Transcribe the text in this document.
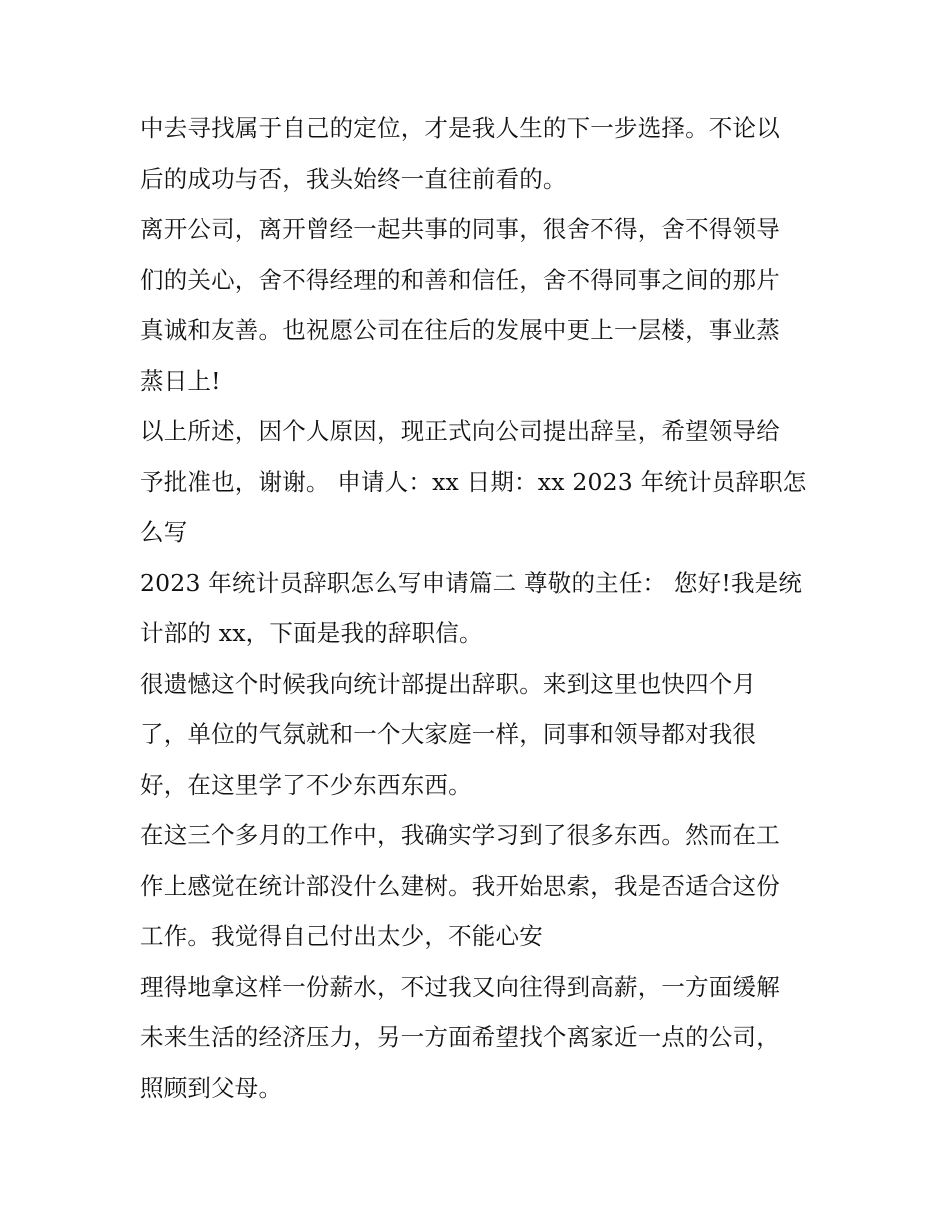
中去寻找属于自己的定位，才是我人生的下一步选择。不论以
后的成功与否，我头始终一直往前看的。

离开公司，离开曾经一起共事的同事，很舍不得，舍不得领导
们的关心，舍不得经理的和善和信任，舍不得同事之间的那片
真诚和友善。也祝愿公司在往后的发展中更上一层楼，事业蒸
蒸日上!

以上所述，因个人原因，现正式向公司提出辞呈，希望领导给
予批准也，谢谢。 申请人：xx 日期：xx 2023 年统计员辞职怎
么写

2023 年统计员辞职怎么写申请篇二 尊敬的主任： 您好!我是统
计部的 xx，下面是我的辞职信。

很遗憾这个时候我向统计部提出辞职。来到这里也快四个月
了，单位的气氛就和一个大家庭一样，同事和领导都对我很
好，在这里学了不少东西东西。

在这三个多月的工作中，我确实学习到了很多东西。然而在工
作上感觉在统计部没什么建树。我开始思索，我是否适合这份
工作。我觉得自己付出太少，不能心安

理得地拿这样一份薪水，不过我又向往得到高薪，一方面缓解
未来生活的经济压力，另一方面希望找个离家近一点的公司，
照顾到父母。
